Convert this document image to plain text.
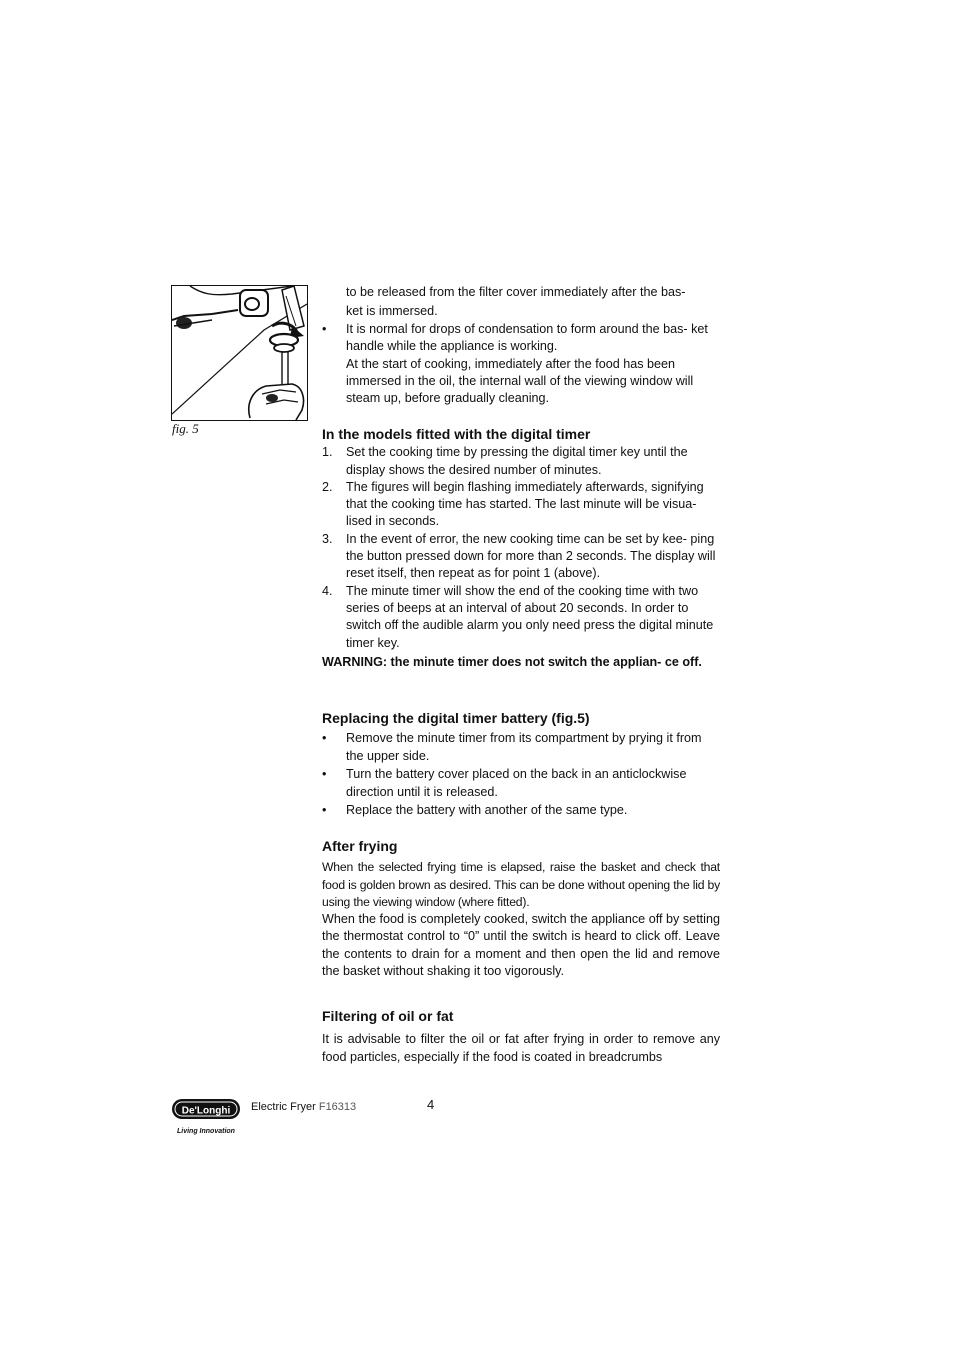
fig. 5

to be released from the filter cover immediately after the bas-

ket is immersed.

• It is normal for drops of condensation to form around the bas- ket handle while the appliance is working.

At the start of cooking, immediately after the food has been immersed in the oil, the internal wall of the viewing window will steam up, before gradually cleaning.

In the models fitted with the digital timer

1. Set the cooking time by pressing the digital timer key until the display shows the desired number of minutes.
2. The figures will begin flashing immediately afterwards, signifying that the cooking time has started. The last minute will be visua- lised in seconds.
3. In the event of error, the new cooking time can be set by kee- ping the button pressed down for more than 2 seconds. The display will reset itself, then repeat as for point 1 (above).
4. The minute timer will show the end of the cooking time with two series of beeps at an interval of about 20 seconds. In order to switch off the audible alarm you only need press the digital minute timer key.

WARNING: the minute timer does not switch the applian- ce off.

Replacing the digital timer battery (fig.5)

• Remove the minute timer from its compartment by prying it from the upper side.
• Turn the battery cover placed on the back in an anticlockwise direction until it is released.
• Replace the battery with another of the same type.

After frying

When the selected frying time is elapsed, raise the basket and check that food is golden brown as desired. This can be done without opening the lid by using the viewing window (where fitted).

When the food is completely cooked, switch the appliance off by setting the thermostat control to “0” until the switch is heard to click off. Leave the contents to drain for a moment and then open the lid and remove the basket without shaking it too vigorously.

Filtering of oil or fat

It is advisable to filter the oil or fat after frying in order to remove any food particles, especially if the food is coated in breadcrumbs

De'Longhi
Living Innovation
Electric Fryer F16313	4
